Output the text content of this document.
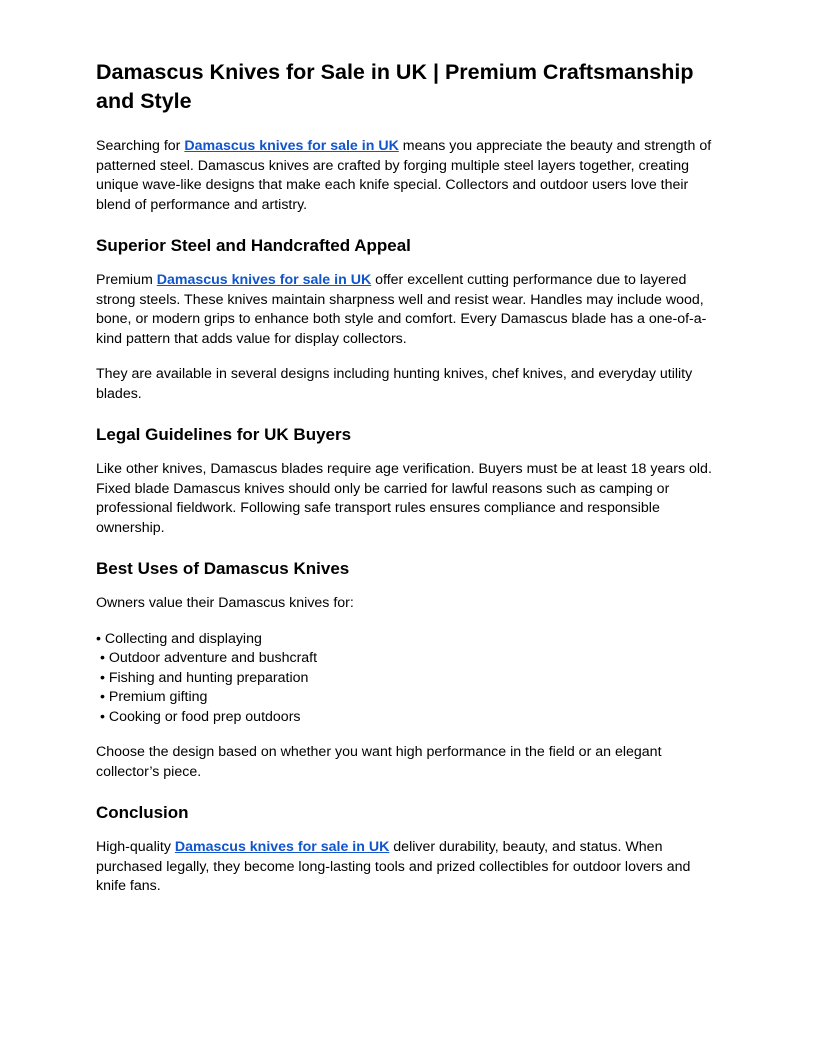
Damascus Knives for Sale in UK | Premium Craftsmanship and Style

Searching for Damascus knives for sale in UK means you appreciate the beauty and strength of patterned steel. Damascus knives are crafted by forging multiple steel layers together, creating unique wave-like designs that make each knife special. Collectors and outdoor users love their blend of performance and artistry.

Superior Steel and Handcrafted Appeal

Premium Damascus knives for sale in UK offer excellent cutting performance due to layered strong steels. These knives maintain sharpness well and resist wear. Handles may include wood, bone, or modern grips to enhance both style and comfort. Every Damascus blade has a one-of-a-kind pattern that adds value for display collectors.

They are available in several designs including hunting knives, chef knives, and everyday utility blades.

Legal Guidelines for UK Buyers

Like other knives, Damascus blades require age verification. Buyers must be at least 18 years old. Fixed blade Damascus knives should only be carried for lawful reasons such as camping or professional fieldwork. Following safe transport rules ensures compliance and responsible ownership.

Best Uses of Damascus Knives

Owners value their Damascus knives for:

• Collecting and displaying
• Outdoor adventure and bushcraft
• Fishing and hunting preparation
• Premium gifting
• Cooking or food prep outdoors

Choose the design based on whether you want high performance in the field or an elegant collector’s piece.

Conclusion

High-quality Damascus knives for sale in UK deliver durability, beauty, and status. When purchased legally, they become long-lasting tools and prized collectibles for outdoor lovers and knife fans.
